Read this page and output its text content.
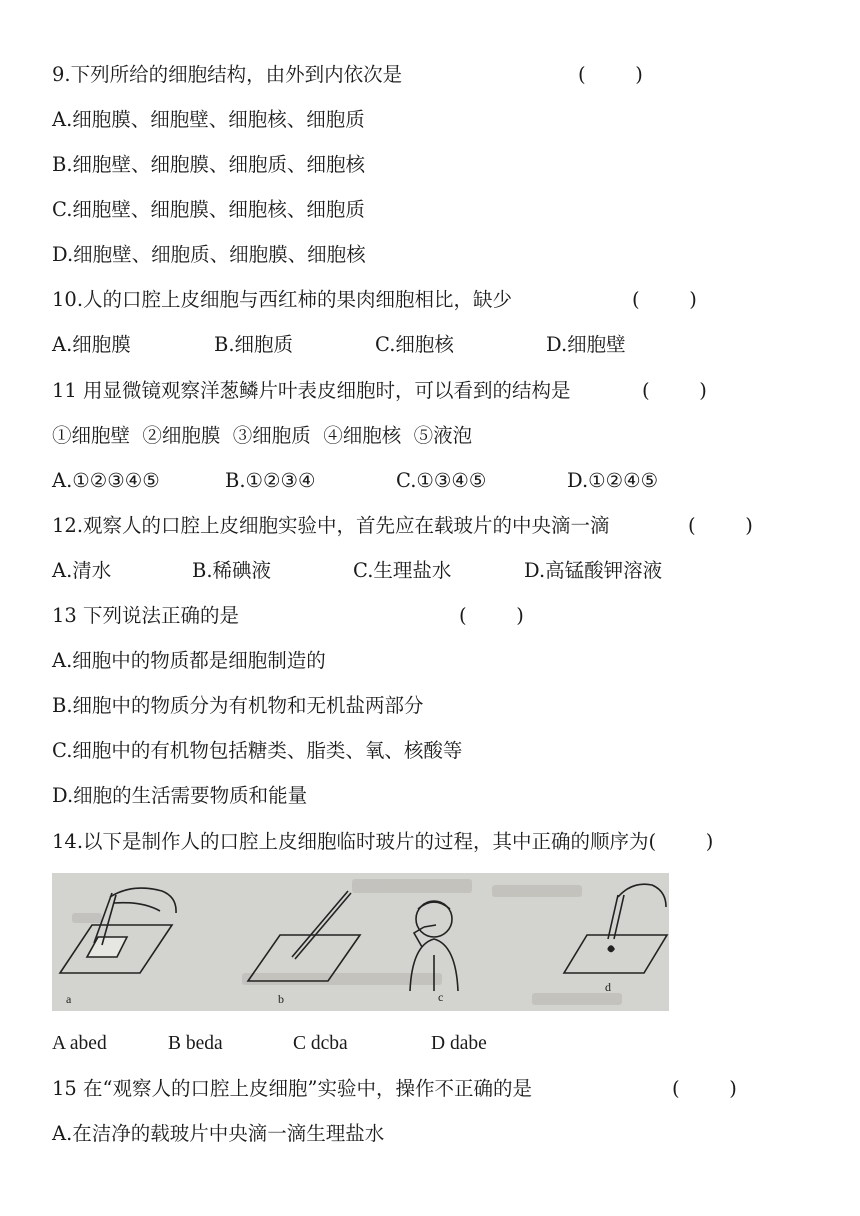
9.下列所给的细胞结构，由外到内依次是	(        )
A.细胞膜、细胞壁、细胞核、细胞质
B.细胞壁、细胞膜、细胞质、细胞核
C.细胞壁、细胞膜、细胞核、细胞质
D.细胞壁、细胞质、细胞膜、细胞核
10.人的口腔上皮细胞与西红柿的果肉细胞相比，缺少	(        )
A.细胞膜	B.细胞质	C.细胞核	D.细胞壁
11 用显微镜观察洋葱鳞片叶表皮细胞时，可以看到的结构是	(        )
①细胞壁  ②细胞膜  ③细胞质  ④细胞核  ⑤液泡
A.①②③④⑤	B.①②③④	C.①③④⑤	D.①②④⑤
12.观察人的口腔上皮细胞实验中，首先应在载玻片的中央滴一滴	(        )
A.清水	B.稀碘液	C.生理盐水	D.高锰酸钾溶液
13 下列说法正确的是	(        )
A.细胞中的物质都是细胞制造的
B.细胞中的物质分为有机物和无机盐两部分
C.细胞中的有机物包括糖类、脂类、氧、核酸等
D.细胞的生活需要物质和能量
14.以下是制作人的口腔上皮细胞临时玻片的过程，其中正确的顺序为(        )
a	b	c
d
A abed	B beda	C dcba	D dabe
15 在“观察人的口腔上皮细胞”实验中，操作不正确的是	(        )
A.在洁净的载玻片中央滴一滴生理盐水
